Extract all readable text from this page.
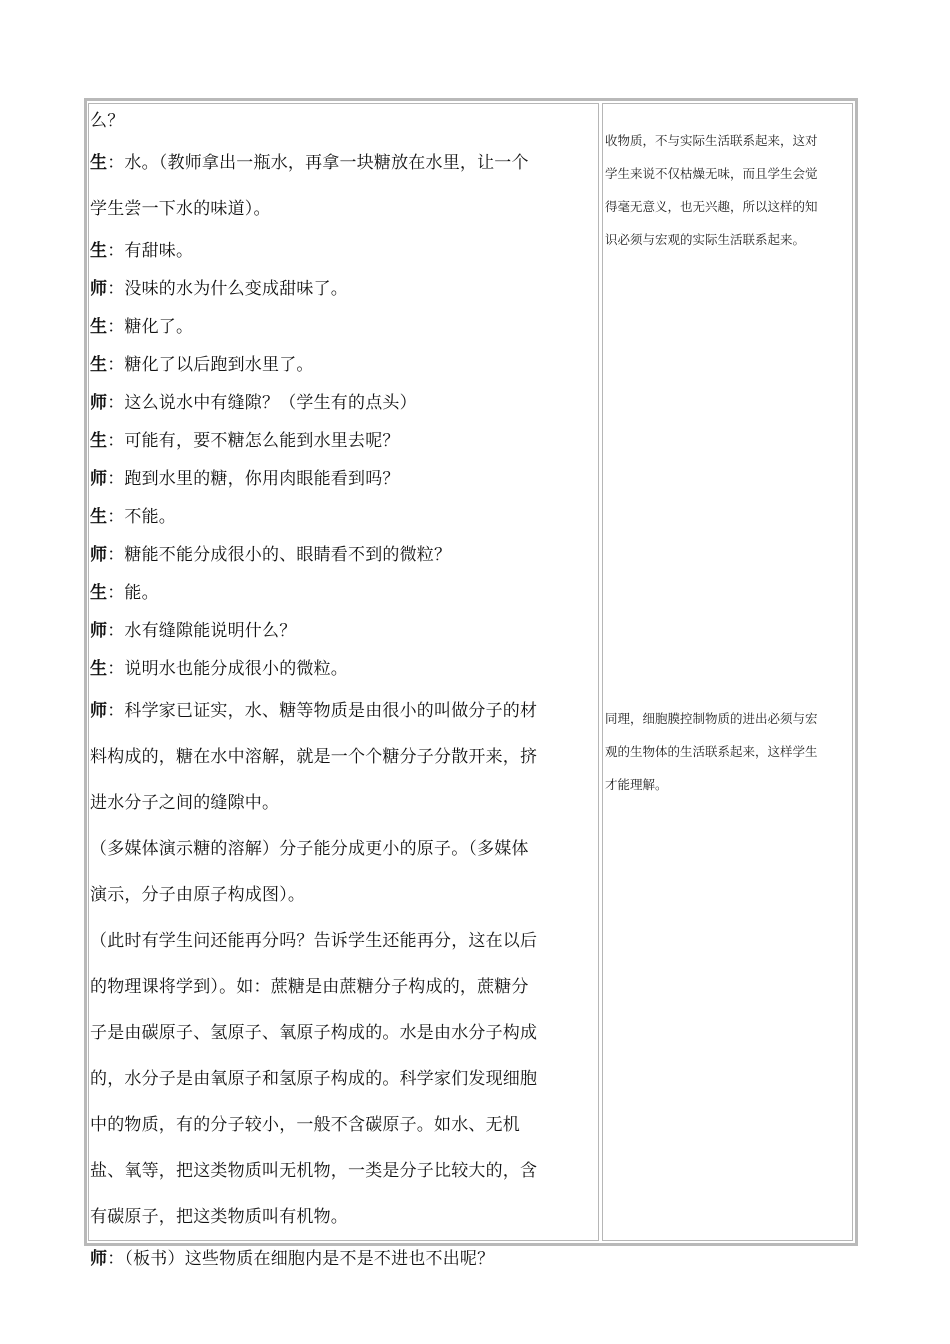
么？
生：水。（教师拿出一瓶水，再拿一块糖放在水里，让一个
学生尝一下水的味道）。
生：有甜味。
师：没味的水为什么变成甜味了。
生：糖化了。
生：糖化了以后跑到水里了。
师：这么说水中有缝隙？（学生有的点头）
生：可能有，要不糖怎么能到水里去呢？
师：跑到水里的糖，你用肉眼能看到吗？
生：不能。
师：糖能不能分成很小的、眼睛看不到的微粒？
生：能。
师：水有缝隙能说明什么？
生：说明水也能分成很小的微粒。
师：科学家已证实，水、糖等物质是由很小的叫做分子的材
料构成的，糖在水中溶解，就是一个个糖分子分散开来，挤
进水分子之间的缝隙中。
（多媒体演示糖的溶解）分子能分成更小的原子。（多媒体
演示，分子由原子构成图）。
（此时有学生问还能再分吗？告诉学生还能再分，这在以后
的物理课将学到）。如：蔗糖是由蔗糖分子构成的，蔗糖分
子是由碳原子、氢原子、氧原子构成的。水是由水分子构成
的，水分子是由氧原子和氢原子构成的。科学家们发现细胞
中的物质，有的分子较小，一般不含碳原子。如水、无机
盐、氧等，把这类物质叫无机物，一类是分子比较大的，含
有碳原子，把这类物质叫有机物。
师：（板书）这些物质在细胞内是不是不进也不出呢？
收物质，不与实际生活联系起来，这对
学生来说不仅枯燥无味，而且学生会觉
得毫无意义，也无兴趣，所以这样的知
识必须与宏观的实际生活联系起来。
同理，细胞膜控制物质的进出必须与宏
观的生物体的生活联系起来，这样学生
才能理解。
